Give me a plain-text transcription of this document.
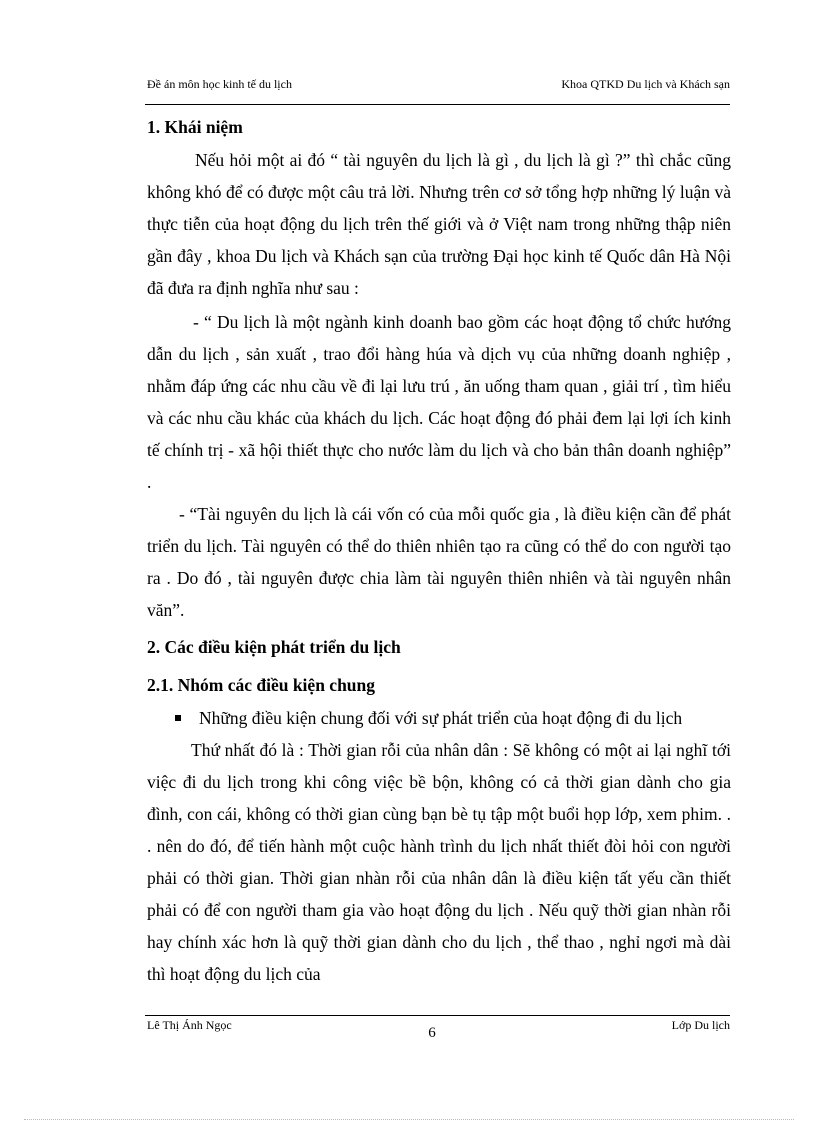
Đề án môn học kinh tế du lịch	Khoa QTKD Du lịch và Khách sạn

1. Khái niệm

Nếu hỏi một ai đó “ tài nguyên du lịch là gì , du lịch là gì ?” thì chắc cũng không khó để có được một câu trả lời. Nhưng trên cơ sở tổng hợp những lý luận và thực tiễn của hoạt động du lịch trên thế giới và ở Việt nam trong những thập niên gần đây , khoa Du lịch và Khách sạn của trường Đại học kinh tế Quốc dân Hà Nội đã đưa ra định nghĩa như sau :

- “ Du lịch là một ngành kinh doanh bao gồm các hoạt động tổ chức hướng dẫn du lịch , sản xuất , trao đổi hàng húa và dịch vụ của những doanh nghiệp , nhằm đáp ứng các nhu cầu về đi lại lưu trú , ăn uống tham quan , giải trí , tìm hiểu và các nhu cầu khác của khách du lịch. Các hoạt động đó phải đem lại lợi ích kinh tế chính trị - xã hội thiết thực cho nước làm du lịch và cho bản thân doanh nghiệp” .

- “Tài nguyên du lịch là cái vốn có của mỗi quốc gia , là điều kiện cần để phát triển du lịch. Tài nguyên có thể do thiên nhiên tạo ra cũng có thể do con người tạo ra . Do đó , tài nguyên được chia làm tài nguyên thiên nhiên và tài nguyên nhân văn”.

2. Các điều kiện phát triển du lịch

2.1. Nhóm các điều kiện chung

Những điều kiện chung đối với sự phát triển của hoạt động đi du lịch

Thứ nhất đó là : Thời gian rỗi của nhân dân : Sẽ không có một ai lại nghĩ tới việc đi du lịch trong khi công việc bề bộn, không có cả thời gian dành cho gia đình, con cái, không có thời gian cùng bạn bè tụ tập một buổi họp lớp, xem phim. . . nên do đó, để tiến hành một cuộc hành trình du lịch nhất thiết đòi hỏi con người phải có thời gian. Thời gian nhàn rỗi của nhân dân là điều kiện tất yếu cần thiết phải có để con người tham gia vào hoạt động du lịch . Nếu quỹ thời gian nhàn rỗi hay chính xác hơn là quỹ thời gian dành cho du lịch , thể thao , nghỉ ngơi mà dài thì hoạt động du lịch của

Lê Thị Ánh Ngọc	6	Lớp Du lịch
